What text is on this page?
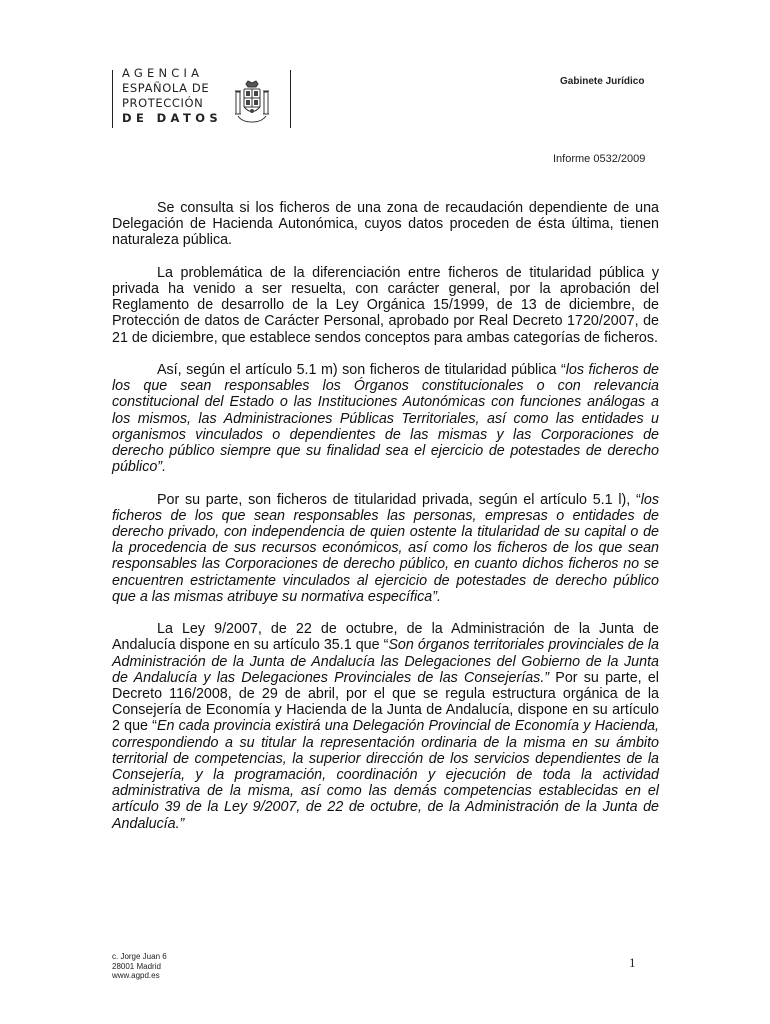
AGENCIA
ESPAÑOLA DE
PROTECCIÓN
DE DATOS
Gabinete Jurídico
Informe 0532/2009

Se consulta si los ficheros de una zona de recaudación dependiente de una Delegación de Hacienda Autonómica, cuyos datos proceden de ésta última, tienen naturaleza pública.

La problemática de la diferenciación entre ficheros de titularidad pública y privada ha venido a ser resuelta, con carácter general, por la aprobación del Reglamento de desarrollo de la Ley Orgánica 15/1999, de 13 de diciembre, de Protección de datos de Carácter Personal, aprobado por Real Decreto 1720/2007, de 21 de diciembre, que establece sendos conceptos para ambas categorías de ficheros.

Así, según el artículo 5.1 m) son ficheros de titularidad pública “los ficheros de los que sean responsables los Órganos constitucionales o con relevancia constitucional del Estado o las Instituciones Autonómicas con funciones análogas a los mismos, las Administraciones Públicas Territoriales, así como las entidades u organismos vinculados o dependientes de las mismas y las Corporaciones de derecho público siempre que su finalidad sea el ejercicio de potestades de derecho público”.

Por su parte, son ficheros de titularidad privada, según el artículo 5.1 l), “los ficheros de los que sean responsables las personas, empresas o entidades de derecho privado, con independencia de quien ostente la titularidad de su capital o de la procedencia de sus recursos económicos, así como los ficheros de los que sean responsables las Corporaciones de derecho público, en cuanto dichos ficheros no se encuentren estrictamente vinculados al ejercicio de potestades de derecho público que a las mismas atribuye su normativa específica”.

La Ley 9/2007, de 22 de octubre, de la Administración de la Junta de Andalucía dispone en su artículo 35.1 que “Son órganos territoriales provinciales de la Administración de la Junta de Andalucía las Delegaciones del Gobierno de la Junta de Andalucía y las Delegaciones Provinciales de las Consejerías.” Por su parte, el Decreto 116/2008, de 29 de abril, por el que se regula estructura orgánica de la Consejería de Economía y Hacienda de la Junta de Andalucía, dispone en su artículo 2 que “En cada provincia existirá una Delegación Provincial de Economía y Hacienda, correspondiendo a su titular la representación ordinaria de la misma en su ámbito territorial de competencias, la superior dirección de los servicios dependientes de la Consejería, y la programación, coordinación y ejecución de toda la actividad administrativa de la misma, así como las demás competencias establecidas en el artículo 39 de la Ley 9/2007, de 22 de octubre, de la Administración de la Junta de Andalucía.”

c. Jorge Juan 6
28001 Madrid
www.agpd.es
1
